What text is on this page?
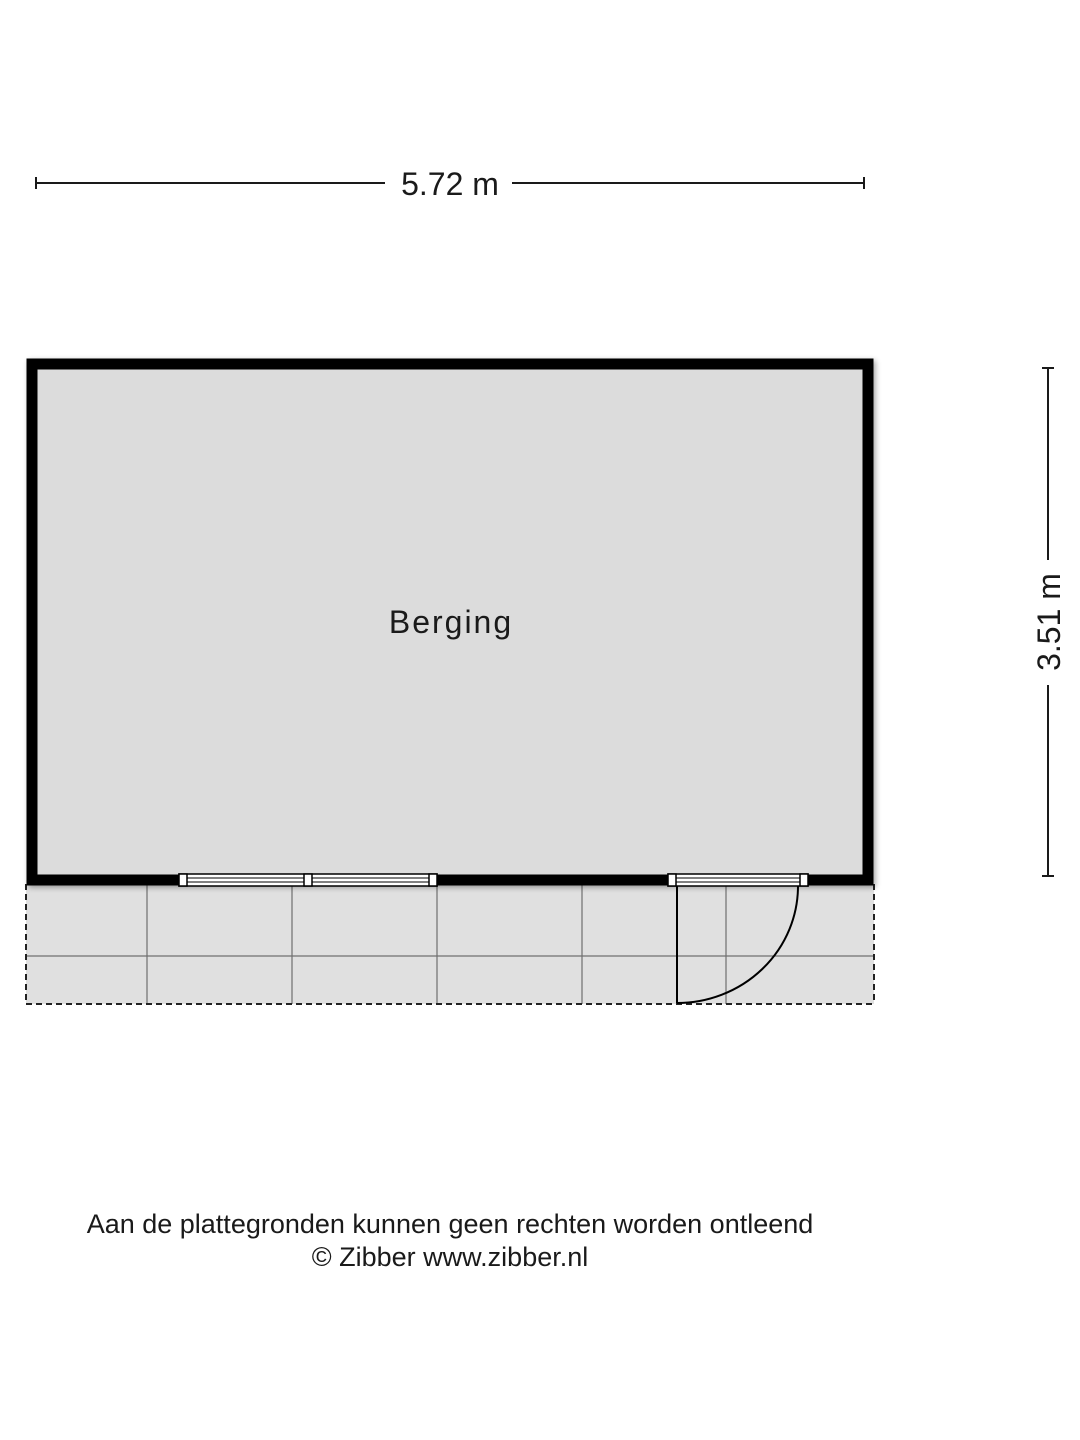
5.72 m
3.51 m
Berging

Aan de plattegronden kunnen geen rechten worden ontleend

© Zibber www.zibber.nl
